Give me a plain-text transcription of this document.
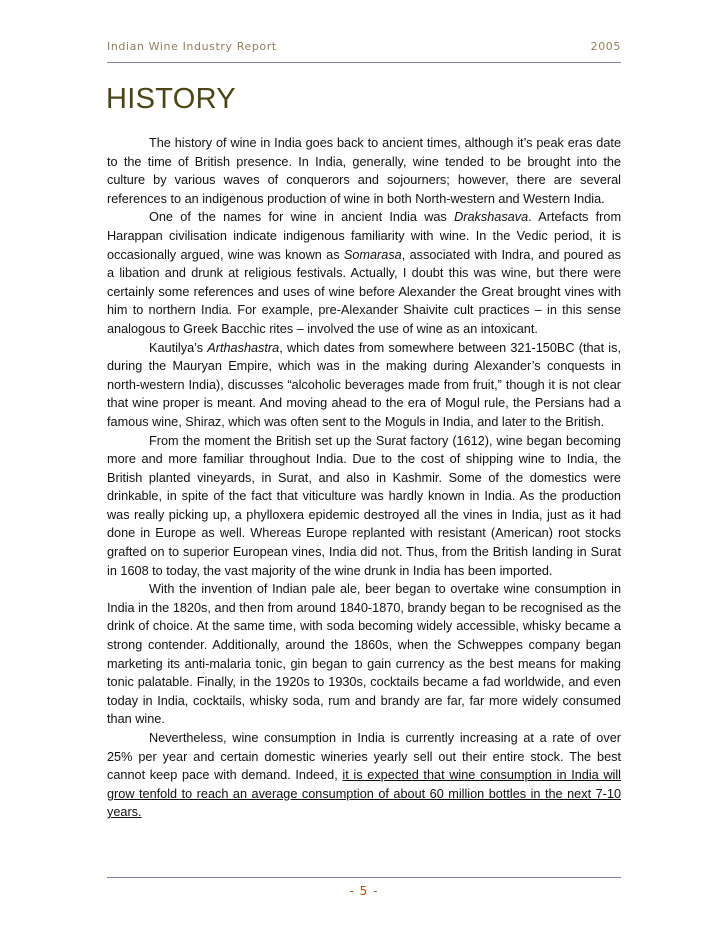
Indian Wine Industry Report	2005
HISTORY

The history of wine in India goes back to ancient times, although it’s peak eras date to the time of British presence. In India, generally, wine tended to be brought into the culture by various waves of conquerors and sojourners; however, there are several references to an indigenous production of wine in both North-western and Western India.

One of the names for wine in ancient India was Drakshasava. Artefacts from Harappan civilisation indicate indigenous familiarity with wine. In the Vedic period, it is occasionally argued, wine was known as Somarasa, associated with Indra, and poured as a libation and drunk at religious festivals. Actually, I doubt this was wine, but there were certainly some references and uses of wine before Alexander the Great brought vines with him to northern India. For example, pre-Alexander Shaivite cult practices – in this sense analogous to Greek Bacchic rites – involved the use of wine as an intoxicant.

Kautilya’s Arthashastra, which dates from somewhere between 321-150BC (that is, during the Mauryan Empire, which was in the making during Alexander’s conquests in north-western India), discusses “alcoholic beverages made from fruit,” though it is not clear that wine proper is meant. And moving ahead to the era of Mogul rule, the Persians had a famous wine, Shiraz, which was often sent to the Moguls in India, and later to the British.

From the moment the British set up the Surat factory (1612), wine began becoming more and more familiar throughout India. Due to the cost of shipping wine to India, the British planted vineyards, in Surat, and also in Kashmir. Some of the domestics were drinkable, in spite of the fact that viticulture was hardly known in India. As the production was really picking up, a phylloxera epidemic destroyed all the vines in India, just as it had done in Europe as well. Whereas Europe replanted with resistant (American) root stocks grafted on to superior European vines, India did not. Thus, from the British landing in Surat in 1608 to today, the vast majority of the wine drunk in India has been imported.

With the invention of Indian pale ale, beer began to overtake wine consumption in India in the 1820s, and then from around 1840-1870, brandy began to be recognised as the drink of choice. At the same time, with soda becoming widely accessible, whisky became a strong contender. Additionally, around the 1860s, when the Schweppes company began marketing its anti-malaria tonic, gin began to gain currency as the best means for making tonic palatable. Finally, in the 1920s to 1930s, cocktails became a fad worldwide, and even today in India, cocktails, whisky soda, rum and brandy are far, far more widely consumed than wine.

Nevertheless, wine consumption in India is currently increasing at a rate of over 25% per year and certain domestic wineries yearly sell out their entire stock. The best cannot keep pace with demand. Indeed, it is expected that wine consumption in India will grow tenfold to reach an average consumption of about 60 million bottles in the next 7-10 years.

- 5 -
